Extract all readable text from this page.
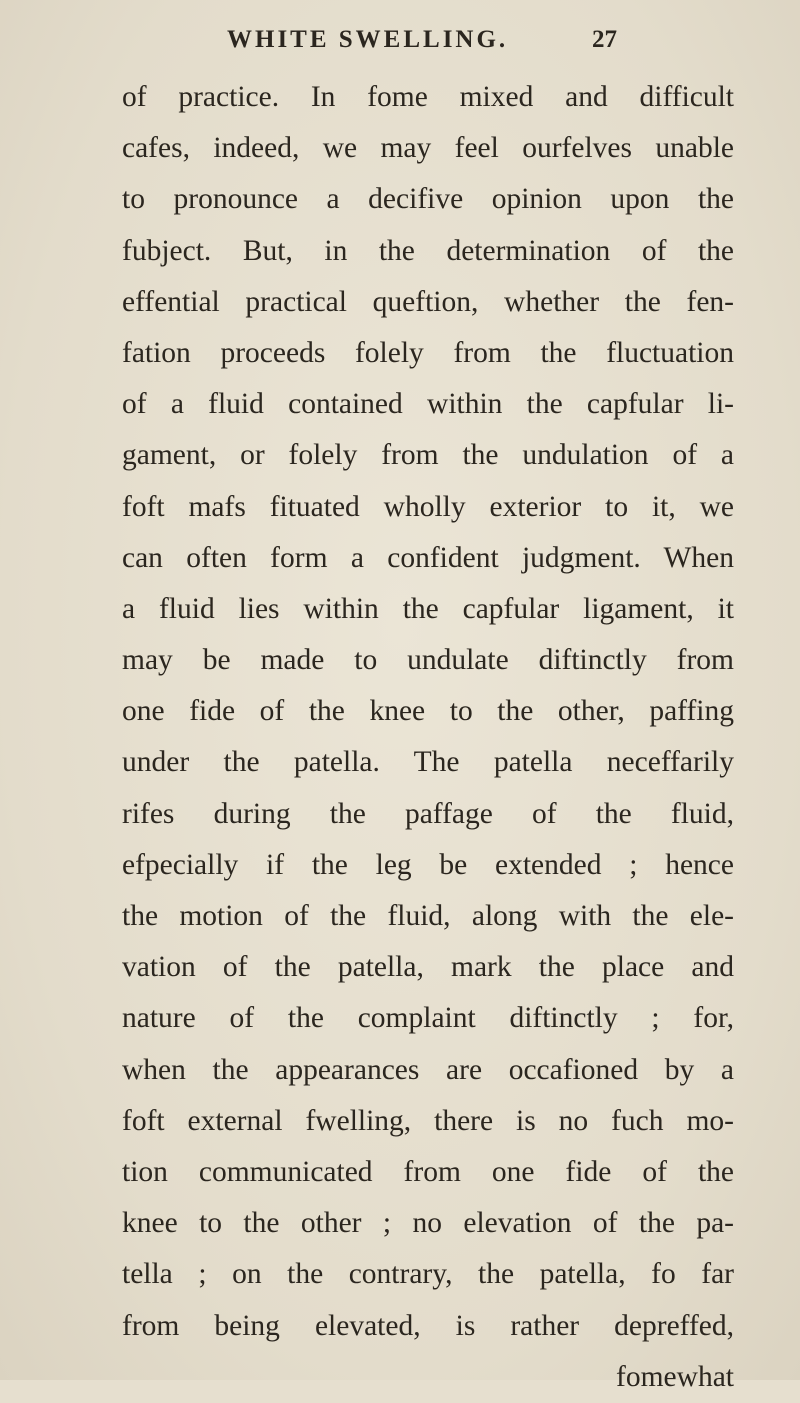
WHITE SWELLING.	27
of practice. In fome mixed and difficult
cafes, indeed, we may feel ourfelves unable
to pronounce a decifive opinion upon the
fubject. But, in the determination of the
effential practical queftion, whether the fen-
fation proceeds folely from the fluctuation
of a fluid contained within the capfular li-
gament, or folely from the undulation of a
foft mafs fituated wholly exterior to it, we
can often form a confident judgment. When
a fluid lies within the capfular ligament, it
may be made to undulate diftinctly from
one fide of the knee to the other, paffing
under the patella. The patella neceffarily
rifes during the paffage of the fluid,
efpecially if the leg be extended ; hence
the motion of the fluid, along with the ele-
vation of the patella, mark the place and
nature of the complaint diftinctly ; for,
when the appearances are occafioned by a
foft external fwelling, there is no fuch mo-
tion communicated from one fide of the
knee to the other ; no elevation of the pa-
tella ; on the contrary, the patella, fo far
from being elevated, is rather depreffed,
fomewhat
